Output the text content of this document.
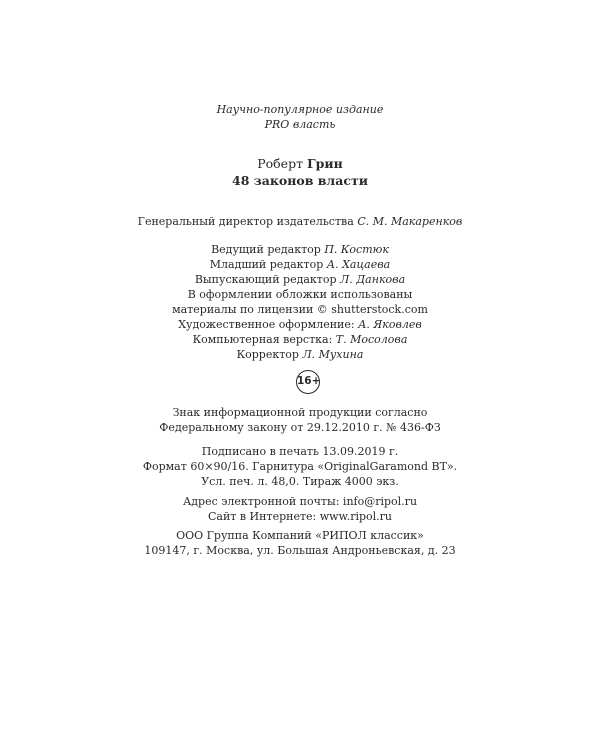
Научно-популярное издание
PRO власть
Роберт Грин
48 законов власти
Генеральный директор издательства С. М. Макаренков
Ведущий редактор П. Костюк
Младший редактор А. Хацаева
Выпускающий редактор Л. Данкова
В оформлении обложки использованы
материалы по лицензии © shutterstock.com
Художественное оформление: А. Яковлев
Компьютерная верстка: Т. Мосолова
Корректор Л. Мухина
16+
Знак информационной продукции согласно
Федеральному закону от 29.12.2010 г. № 436-ФЗ
Подписано в печать 13.09.2019 г.
Формат 60×90/16. Гарнитура «OriginalGaramond BT».
Усл. печ. л. 48,0. Тираж 4000 экз.
Адрес электронной почты: info@ripol.ru
Сайт в Интернете: www.ripol.ru
ООО Группа Компаний «РИПОЛ классик»
109147, г. Москва, ул. Большая Андроньевская, д. 23
